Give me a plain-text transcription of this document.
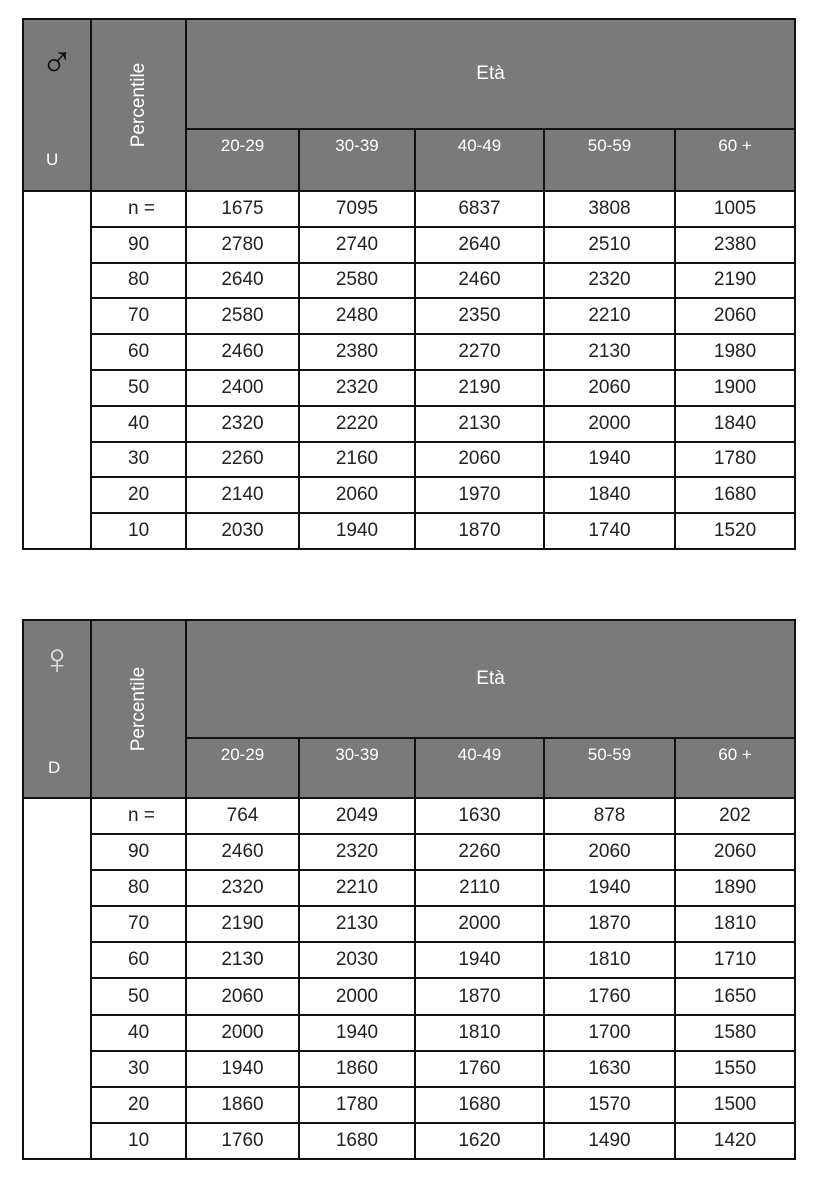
♂	Percentile	Età				
U		20-29	30-39	40-49	50-59	60 +
	n =	1675	7095	6837	3808	1005
	90	2780	2740	2640	2510	2380
	80	2640	2580	2460	2320	2190
	70	2580	2480	2350	2210	2060
	60	2460	2380	2270	2130	1980
	50	2400	2320	2190	2060	1900
	40	2320	2220	2130	2000	1840
	30	2260	2160	2060	1940	1780
	20	2140	2060	1970	1840	1680
	10	2030	1940	1870	1740	1520
♀	Percentile	Età				
D		20-29	30-39	40-49	50-59	60 +
	n =	764	2049	1630	878	202
	90	2460	2320	2260	2060	2060
	80	2320	2210	2110	1940	1890
	70	2190	2130	2000	1870	1810
	60	2130	2030	1940	1810	1710
	50	2060	2000	1870	1760	1650
	40	2000	1940	1810	1700	1580
	30	1940	1860	1760	1630	1550
	20	1860	1780	1680	1570	1500
	10	1760	1680	1620	1490	1420
